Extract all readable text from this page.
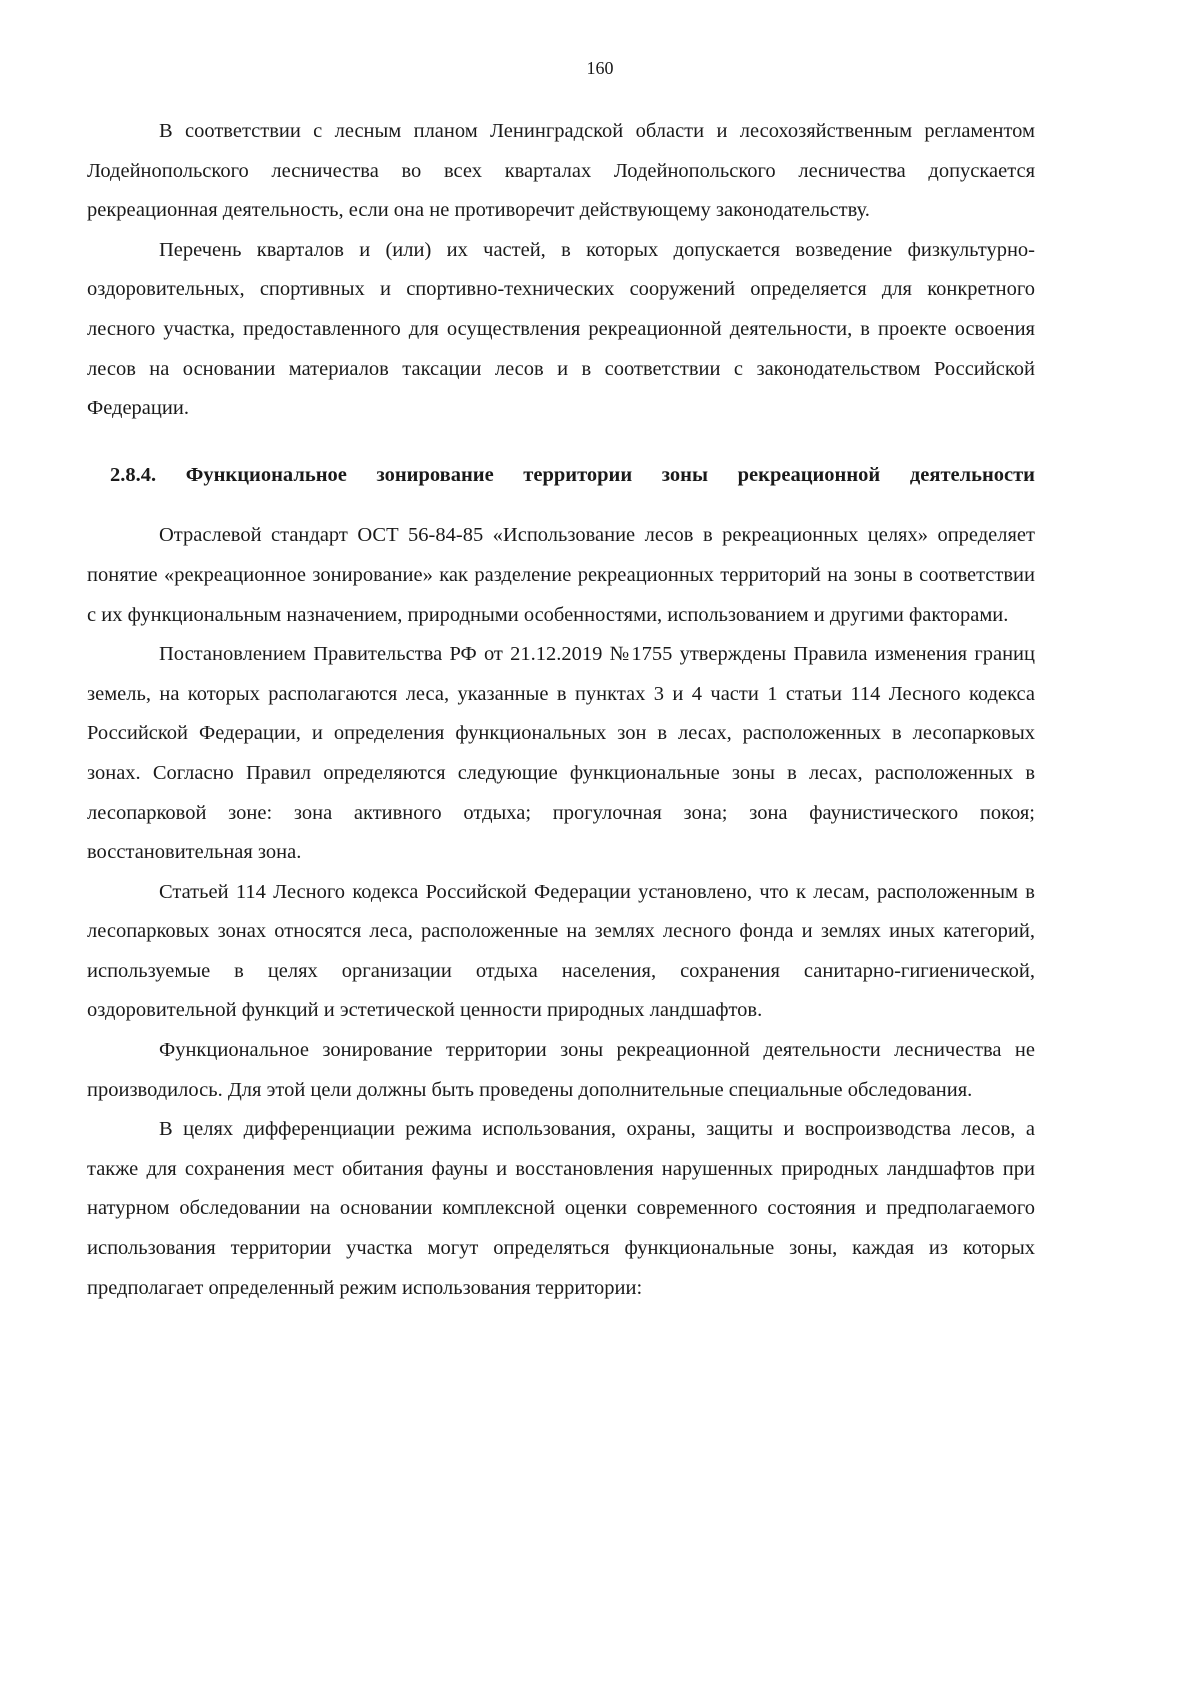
160

В соответствии с лесным планом Ленинградской области и лесохозяйственным регламентом Лодейнопольского лесничества во всех кварталах Лодейнопольского лесничества допускается рекреационная деятельность, если она не противоречит действующему законодательству.

Перечень кварталов и (или) их частей, в которых допускается возведение физкультурно-оздоровительных, спортивных и спортивно-технических сооружений определяется для конкретного лесного участка, предоставленного для осуществления рекреационной деятельности, в проекте освоения лесов на основании материалов таксации лесов и в соответствии с законодательством Российской Федерации.

2.8.4. Функциональное зонирование территории зоны рекреационной деятельности

Отраслевой стандарт ОСТ 56-84-85 «Использование лесов в рекреационных целях» определяет понятие «рекреационное зонирование» как разделение рекреационных территорий на зоны в соответствии с их функциональным назначением, природными особенностями, использованием и другими факторами.

Постановлением Правительства РФ от 21.12.2019 №1755 утверждены Правила изменения границ земель, на которых располагаются леса, указанные в пунктах 3 и 4 части 1 статьи 114 Лесного кодекса Российской Федерации, и определения функциональных зон в лесах, расположенных в лесопарковых зонах. Согласно Правил определяются следующие функциональные зоны в лесах, расположенных в лесопарковой зоне: зона активного отдыха; прогулочная зона; зона фаунистического покоя; восстановительная зона.

Статьей 114 Лесного кодекса Российской Федерации установлено, что к лесам, расположенным в лесопарковых зонах относятся леса, расположенные на землях лесного фонда и землях иных категорий, используемые в целях организации отдыха населения, сохранения санитарно-гигиенической, оздоровительной функций и эстетической ценности природных ландшафтов.

Функциональное зонирование территории зоны рекреационной деятельности лесничества не производилось. Для этой цели должны быть проведены дополнительные специальные обследования.

В целях дифференциации режима использования, охраны, защиты и воспроизводства лесов, а также для сохранения мест обитания фауны и восстановления нарушенных природных ландшафтов при натурном обследовании на основании комплексной оценки современного состояния и предполагаемого использования территории участка могут определяться функциональные зоны, каждая из которых предполагает определенный режим использования территории:
